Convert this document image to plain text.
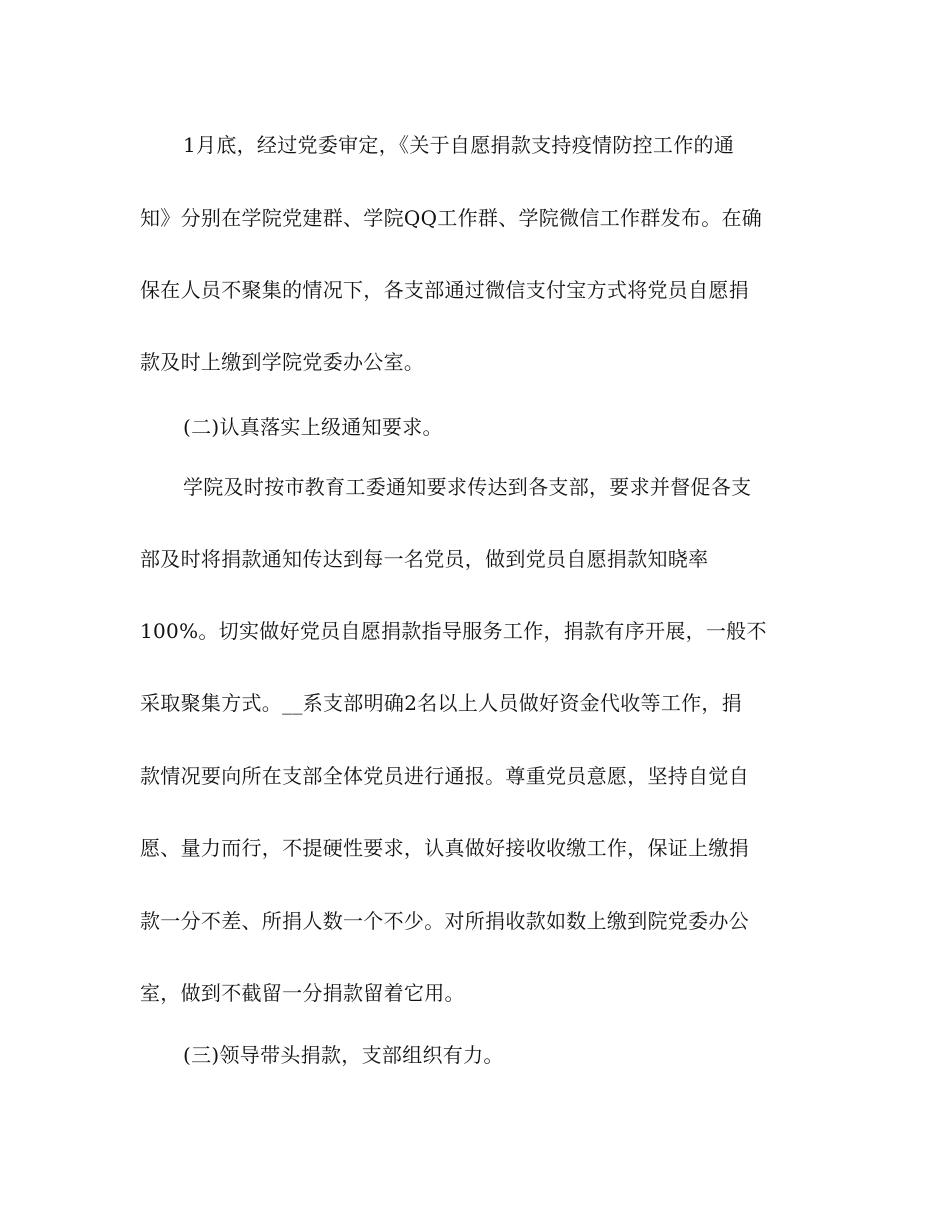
1月底，经过党委审定，《关于自愿捐款支持疫情防控工作的通
知》分别在学院党建群、学院QQ工作群、学院微信工作群发布。在确
保在人员不聚集的情况下，各支部通过微信支付宝方式将党员自愿捐
款及时上缴到学院党委办公室。
(二)认真落实上级通知要求。
学院及时按市教育工委通知要求传达到各支部，要求并督促各支
部及时将捐款通知传达到每一名党员，做到党员自愿捐款知晓率
100%。切实做好党员自愿捐款指导服务工作，捐款有序开展，一般不
采取聚集方式。__系支部明确2名以上人员做好资金代收等工作，捐
款情况要向所在支部全体党员进行通报。尊重党员意愿，坚持自觉自
愿、量力而行，不提硬性要求，认真做好接收收缴工作，保证上缴捐
款一分不差、所捐人数一个不少。对所捐收款如数上缴到院党委办公
室，做到不截留一分捐款留着它用。
(三)领导带头捐款，支部组织有力。
